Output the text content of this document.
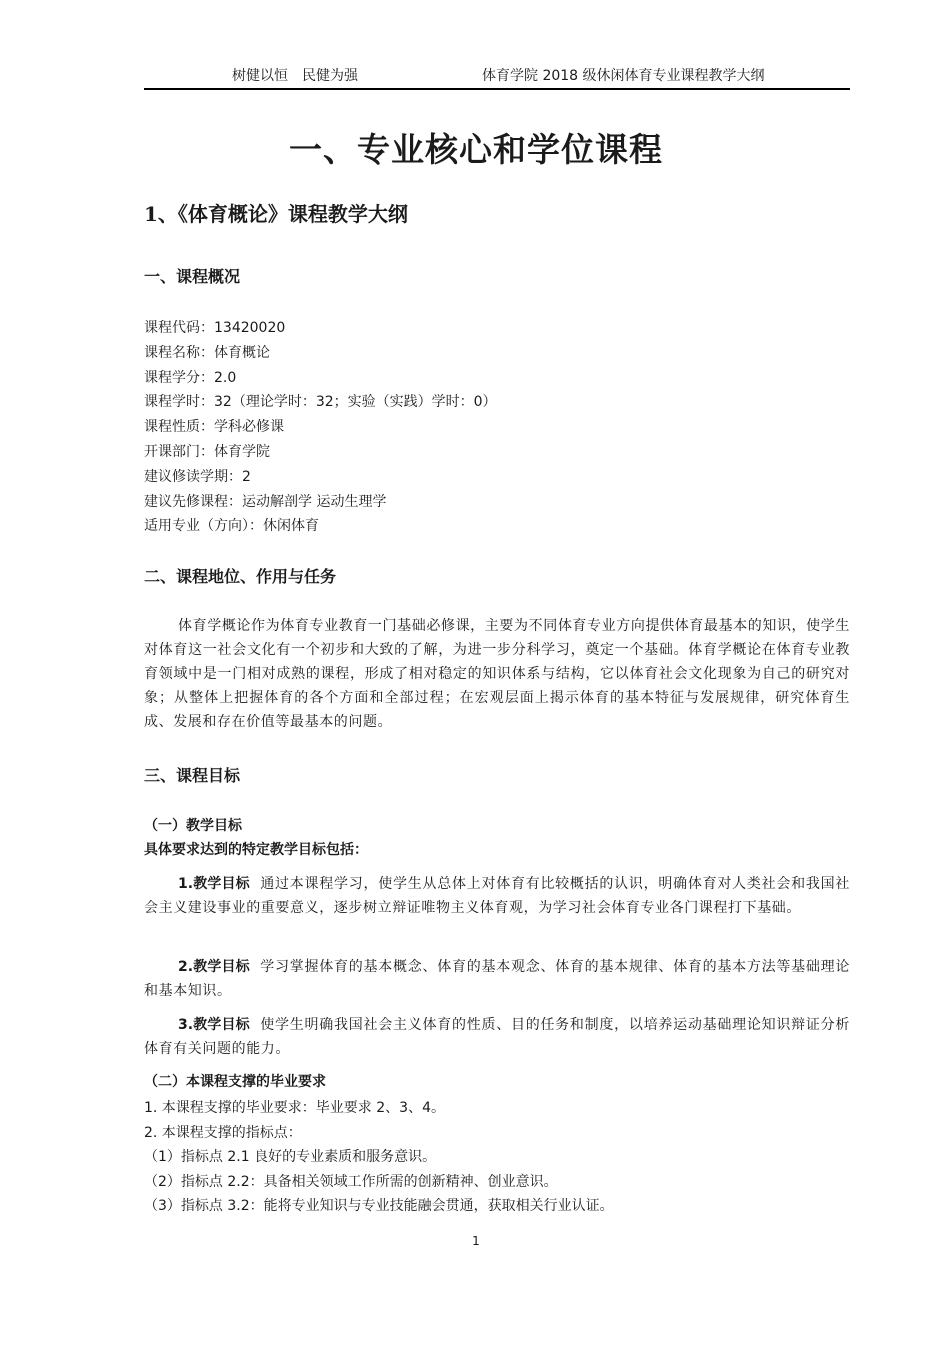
树健以恒　民健为强	体育学院 2018 级休闲体育专业课程教学大纲
一、专业核心和学位课程
1、《体育概论》课程教学大纲
一、课程概况
课程代码：13420020
课程名称：体育概论
课程学分：2.0
课程学时：32（理论学时：32；实验（实践）学时：0）
课程性质：学科必修课
开课部门：体育学院
建议修读学期：2
建议先修课程：运动解剖学 运动生理学
适用专业（方向）：休闲体育
二、课程地位、作用与任务

体育学概论作为体育专业教育一门基础必修课，主要为不同体育专业方向提供体育最基本的知识，使学生对体育这一社会文化有一个初步和大致的了解，为进一步分科学习，奠定一个基础。体育学概论在体育专业教育领域中是一门相对成熟的课程，形成了相对稳定的知识体系与结构，它以体育社会文化现象为自己的研究对象；从整体上把握体育的各个方面和全部过程；在宏观层面上揭示体育的基本特征与发展规律，研究体育生成、发展和存在价值等最基本的问题。

三、课程目标
（一）教学目标
具体要求达到的特定教学目标包括：

1.教学目标 通过本课程学习，使学生从总体上对体育有比较概括的认识，明确体育对人类社会和我国社会主义建设事业的重要意义，逐步树立辩证唯物主义体育观，为学习社会体育专业各门课程打下基础。

2.教学目标 学习掌握体育的基本概念、体育的基本观念、体育的基本规律、体育的基本方法等基础理论和基本知识。

3.教学目标 使学生明确我国社会主义体育的性质、目的任务和制度，以培养运动基础理论知识辩证分析体育有关问题的能力。

（二）本课程支撑的毕业要求
1. 本课程支撑的毕业要求：毕业要求 2、3、4。
2. 本课程支撑的指标点：
（1）指标点 2.1 良好的专业素质和服务意识。
（2）指标点 2.2：具备相关领域工作所需的创新精神、创业意识。
（3）指标点 3.2：能将专业知识与专业技能融会贯通，获取相关行业认证。
1
